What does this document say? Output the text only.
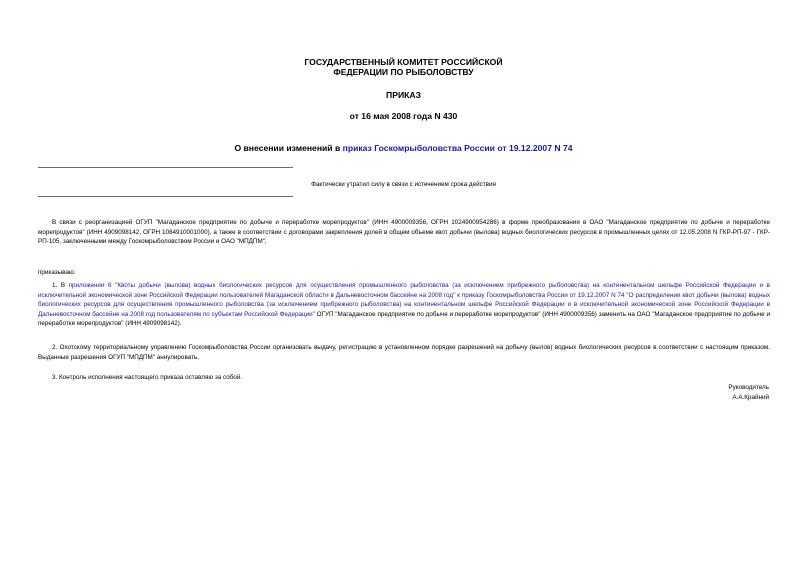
ГОСУДАРСТВЕННЫЙ КОМИТЕТ РОССИЙСКОЙ
ФЕДЕРАЦИИ ПО РЫБОЛОВСТВУ
ПРИКАЗ
от 16 мая 2008 года N 430
О внесении изменений в приказ Госкомрыболовства России от 19.12.2007 N 74
Фактически утратил силу в связи с истечением срока действия
В связи с реорганизацией ОГУП "Магаданское предприятие по добыче и переработке морепродуктов" (ИНН 4900009356, ОГРН 1024900954286) в форме преобразования в ОАО "Магаданское предприятие по добыче и переработке морепродуктов" (ИНН 4909098142, ОГРН 1084910001000), а также в соответствии с договорами закрепления долей в общем объеме квот добычи (вылова) водных биологических ресурсов в промышленных целях от 12.05.2008 N ГКР-РП-97 - ГКР-РП-105, заключенными между Госкомрыболовством России и ОАО "МПДПМ",
приказываю:
1. В приложении 6 "Квоты добычи (вылова) водных биологических ресурсов для осуществления промышленного рыболовства (за исключением прибрежного рыболовства) на континентальном шельфе Российской Федерации и в исключительной экономической зоне Российской Федерации пользователей Магаданской области в Дальневосточном бассейне на 2008 год" к приказу Госкомрыболовства России от 19.12.2007 N 74 "О распределении квот добычи (вылова) водных биологических ресурсов для осуществления промышленного рыболовства (за исключением прибрежного рыболовства) на континентальном шельфе Российской Федерации и в исключительной экономической зоне Российской Федерации в Дальневосточном бассейне на 2008 год пользователям по субъектам Российской Федерации" ОГУП "Магаданское предприятие по добыче и переработке морепродуктов" (ИНН 4900009356) заменить на ОАО "Магаданское предприятие по добыче и переработке морепродуктов" (ИНН 4909098142).
2. Охотскому территориальному управлению Госкомрыболовства России организовать выдачу, регистрацию в установленном порядке разрешений на добычу (вылов) водных биологических ресурсов в соответствии с настоящим приказом. Выданные разрешения ОГУП "МПДПМ" аннулировать.
3. Контроль исполнения настоящего приказа оставляю за собой.
Руководитель
А.А.Крайний
